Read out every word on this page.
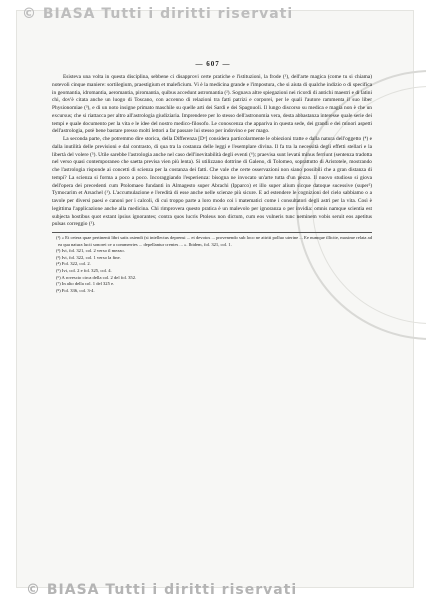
© BIASA Tutti i diritti riservati
© BIASA Tutti i diritti riservati
— 607 —

Esisteva una volta in questa disciplina, sebbene ci disapprovi certe pratiche e l'istituzioni, la frode (¹), dell'arte magica (come tu si chiama) notevoli cinque maniere: sortilegium, praestigium et maleficium. Vi è la medicina grande e l'impostura, che si aiuta di qualche indizio o di specifica in geomantia, idromantia, aeromantia, piromantia, quibus accedunt astromantia (²). Sognava altre spiegazioni nei ricordi di antichi maestri e di latini chi, dov'è citata anche un luogo di Toscano, con accenno di relazioni tra fatti patrizi e corporei, per le quali l'autore rammenta il suo liber Physionomiae (³), e di un noto insigne primato maschile su quelle arti dei Sardi e dei Spagnuoli. Il lungo discorso su medica e magia non è che un excursus; che si riattacca per altro all'astrologia giudiziaria. Imprendere per lo stesso dell'astronomia vera, desta abbastanza interesse quale serie dei tempi e quale documento per la vita e le idee del nostro medico-filosofo. Le conoscenza che appariva in questa sede, dei grandi e dei minori aspetti dell'astrologia, potè bene bastare presso molti lettori a far passare lui stesso per indovino e per mago.

La seconda parte, che potremmo dire storica, della Differenza [Dᵒ] considera particolarmente le obiezioni tratte e dalla natura dell'oggetto (⁴) e dalla inutilità delle previsioni e dal contrasto, di qua tra la costanza delle leggi e l'esemplare divina. Il fa tra la necessità degli effetti stellari e la libertà del volere (⁵). Utile sarebbe l'astrologia anche nel caso dell'inevitabilità degli eventi (⁶); praevisa sunt levatú minus ferriunt (sentenza tradotta nel verso quasi contemporaneo che saetta previsa vien più lenta). Si utilizzano dottrine di Galeno, di Tolomeo, soprattutto di Aristotele, mostrando che l'astrologia risponde ai concetti di scienza per la costanza dei fatti. Che vale che certe osservazioni non siano possibili che a gran distanza di tempi? La scienza si forma a poco a poco. Incoraggiando l'esperienza: bisogna ne invocato un'arte tutta d'un pezzo. Il nuovo studioso si giova dell'opera dei precedenti cum Ptolomaeo fundanti in Almagesto super Abrachi (Ipparco) et illo super alium sicque datoque sucessive (super²) Tymocarim et Arsachel (¹). L'accumulazione e l'eredità di esse anche nelle scienze più sicure. E ad estendere le cognizioni del cielo sabbiamo o a tavole per diversi paesi e canoni per i calcoli, di cui troppo parte a loro modo coi i matematici come i consultatori degli astri per la vita. Così è legittima l'applicazione anche alla medicina. Chi rimprovera questo pratica è un malevolo per ignoranza o per invidia: omnis namque scientia est subjecta hostibus quot extant ipsius ignorantes; contra quos lucris Ptoleus non dictum, cum eos vulneris tunc neminem vobis seruit eos apetitus pulsas correggio (¹).

(¹) « Et cetera quae pertinenti libri satis ostendi (si intellectus deprensi ... et devotos ... provenendo sub loco ne attriti polluo uterine ... Ee numque illicite, maxime relata ad ea qua natura lucii sonorei ce a commerrtes ... depellantur crentes ... ». Ibidem, fol. 321, col. 1.

(²) Ivi, fol. 321, col. 2 verso il mezzo.

(³) Ivi, fol. 322, col. 1 verso la fine.

(⁴) Fol. 322, col. 2.

(⁵) Ivi, col. 2 e fol. 325, col. 4.

(⁶) A rovescio circa della col. 2 del fol. 352.

(⁷) In alto della col. 1 del 325 e.

(⁸) Fol. 336, col. 3-4.
